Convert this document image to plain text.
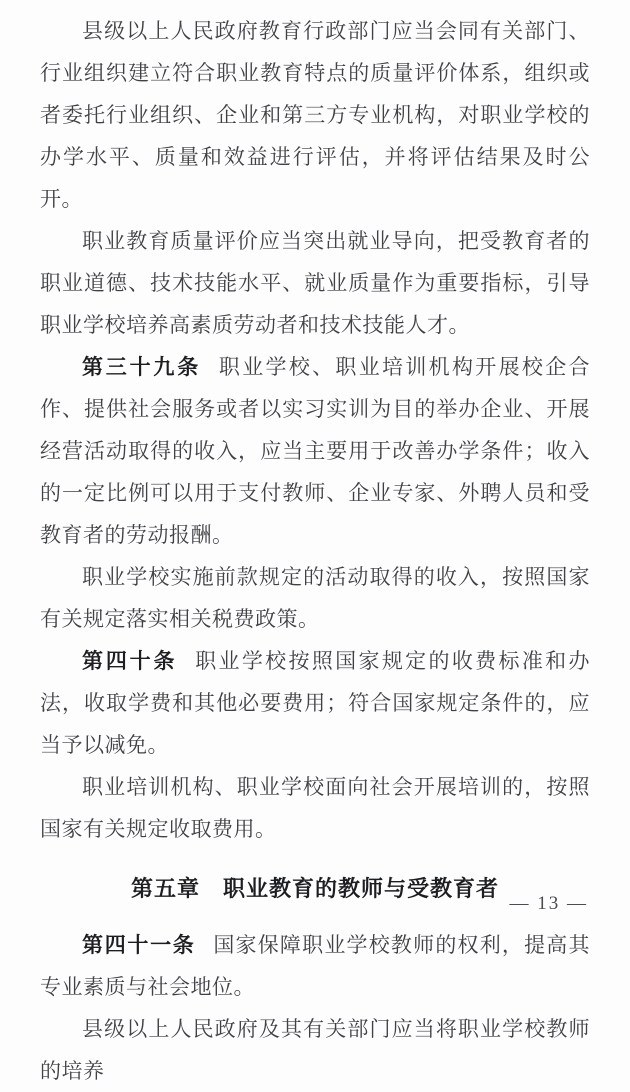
县级以上人民政府教育行政部门应当会同有关部门、行业组织建立符合职业教育特点的质量评价体系，组织或者委托行业组织、企业和第三方专业机构，对职业学校的办学水平、质量和效益进行评估，并将评估结果及时公开。

职业教育质量评价应当突出就业导向，把受教育者的职业道德、技术技能水平、就业质量作为重要指标，引导职业学校培养高素质劳动者和技术技能人才。

第三十九条 职业学校、职业培训机构开展校企合作、提供社会服务或者以实习实训为目的举办企业、开展经营活动取得的收入，应当主要用于改善办学条件；收入的一定比例可以用于支付教师、企业专家、外聘人员和受教育者的劳动报酬。

职业学校实施前款规定的活动取得的收入，按照国家有关规定落实相关税费政策。

第四十条 职业学校按照国家规定的收费标准和办法，收取学费和其他必要费用；符合国家规定条件的，应当予以减免。

职业培训机构、职业学校面向社会开展培训的，按照国家有关规定收取费用。

第五章　职业教育的教师与受教育者

第四十一条 国家保障职业学校教师的权利，提高其专业素质与社会地位。

县级以上人民政府及其有关部门应当将职业学校教师的培养

— 13 —
